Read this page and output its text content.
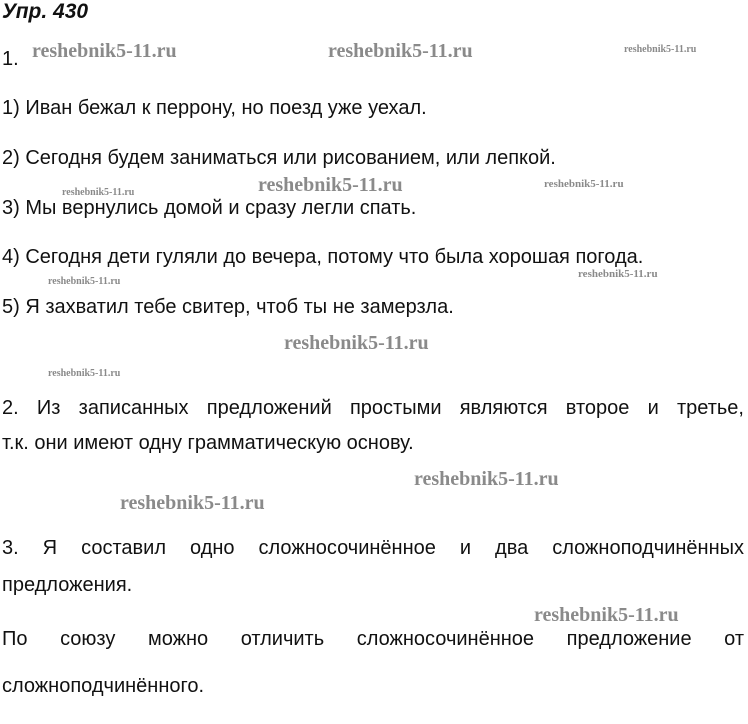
Упр. 430
1.
1) Иван бежал к перрону, но поезд уже уехал.
2) Сегодня будем заниматься или рисованием, или лепкой.
3) Мы вернулись домой и сразу легли спать.
4) Сегодня дети гуляли до вечера, потому что была хорошая погода.
5) Я захватил тебе свитер, чтоб ты не замерзла.
2. Из записанных предложений простыми являются второе и третье,
т.к. они имеют одну грамматическую основу.
3. Я составил одно сложносочинённое и два сложноподчинённых
предложения.
По союзу можно отличить сложносочинённое предложение от
сложноподчинённого.
reshebnik5-11.ru	reshebnik5-11.ru	reshebnik5-11.ru
reshebnik5-11.ru	reshebnik5-11.ru	reshebnik5-11.ru
reshebnik5-11.ru
reshebnik5-11.ru
reshebnik5-11.ru
reshebnik5-11.ru
reshebnik5-11.ru
reshebnik5-11.ru
reshebnik5-11.ru
